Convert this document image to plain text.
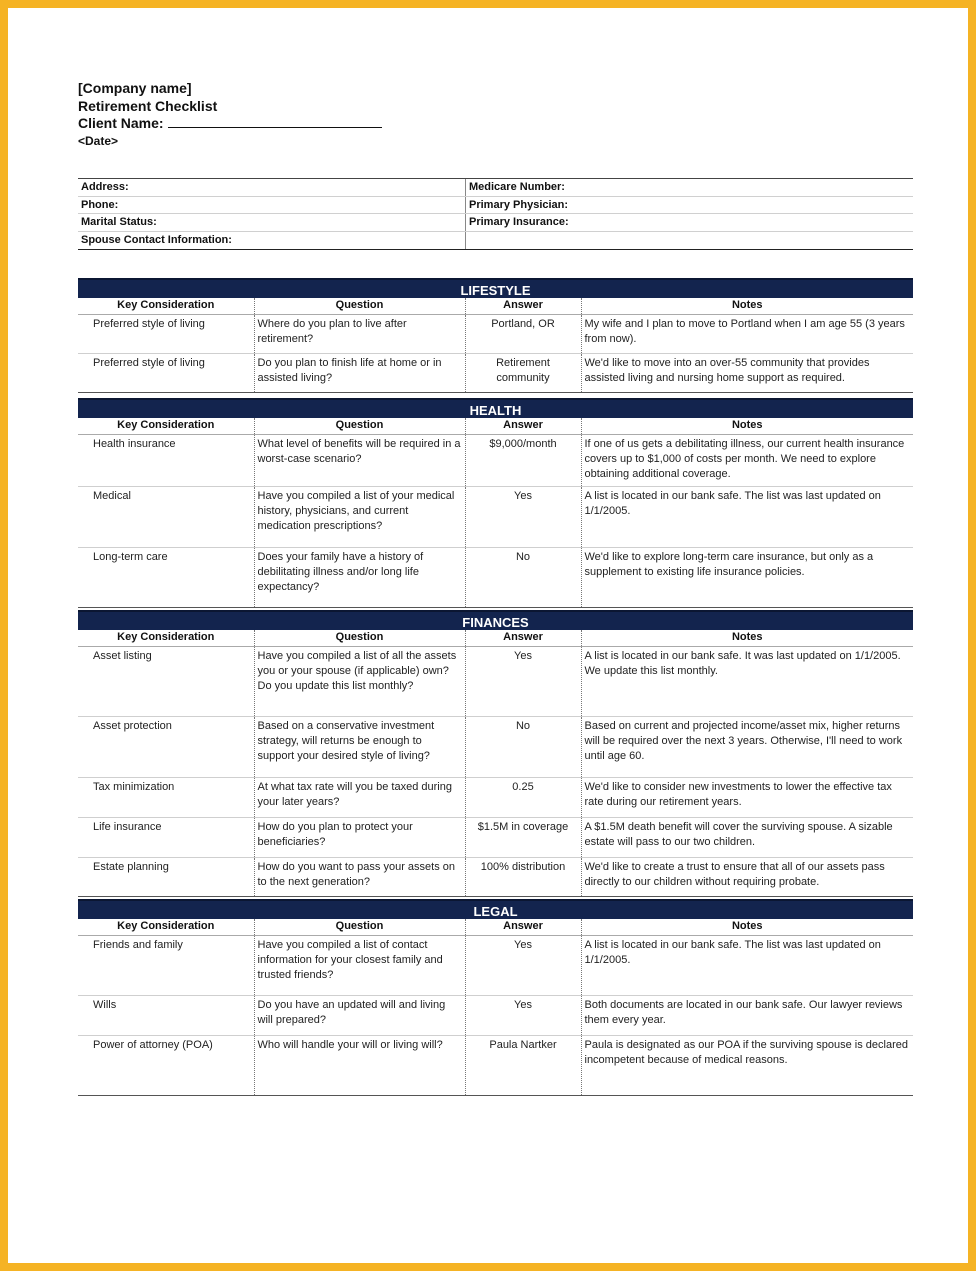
[Company name]
Retirement Checklist
Client Name:
<Date>
Address:	Medicare Number:
Phone:	Primary Physician:
Marital Status:	Primary Insurance:
Spouse Contact Information:
LIFESTYLE
Key Consideration	Question	Answer	Notes
Preferred style of living	Where do you plan to live after retirement?	Portland, OR	My wife and I plan to move to Portland when I am age 55 (3 years from now).
Preferred style of living	Do you plan to finish life at home or in assisted living?	Retirement community	We'd like to move into an over-55 community that provides assisted living and nursing home support as required.
HEALTH
Key Consideration	Question	Answer	Notes
Health insurance	What level of benefits will be required in a worst-case scenario?	$9,000/month	If one of us gets a debilitating illness, our current health insurance covers up to $1,000 of costs per month. We need to explore obtaining additional coverage.
Medical	Have you compiled a list of your medical history, physicians, and current medication prescriptions?	Yes	A list is located in our bank safe. The list was last updated on 1/1/2005.
Long-term care	Does your family have a history of debilitating illness and/or long life expectancy?	No	We'd like to explore long-term care insurance, but only as a supplement to existing life insurance policies.
FINANCES
Key Consideration	Question	Answer	Notes
Asset listing	Have you compiled a list of all the assets you or your spouse (if applicable) own? Do you update this list monthly?	Yes	A list is located in our bank safe. It was last updated on 1/1/2005. We update this list monthly.
Asset protection	Based on a conservative investment strategy, will returns be enough to support your desired style of living?	No	Based on current and projected income/asset mix, higher returns will be required over the next 3 years. Otherwise, I'll need to work until age 60.
Tax minimization	At what tax rate will you be taxed during your later years?	0.25	We'd like to consider new investments to lower the effective tax rate during our retirement years.
Life insurance	How do you plan to protect your beneficiaries?	$1.5M in coverage	A $1.5M death benefit will cover the surviving spouse. A sizable estate will pass to our two children.
Estate planning	How do you want to pass your assets on to the next generation?	100% distribution	We'd like to create a trust to ensure that all of our assets pass directly to our children without requiring probate.
LEGAL
Key Consideration	Question	Answer	Notes
Friends and family	Have you compiled a list of contact information for your closest family and trusted friends?	Yes	A list is located in our bank safe. The list was last updated on 1/1/2005.
Wills	Do you have an updated will and living will prepared?	Yes	Both documents are located in our bank safe. Our lawyer reviews them every year.
Power of attorney (POA)	Who will handle your will or living will?	Paula Nartker	Paula is designated as our POA if the surviving spouse is declared incompetent because of medical reasons.
